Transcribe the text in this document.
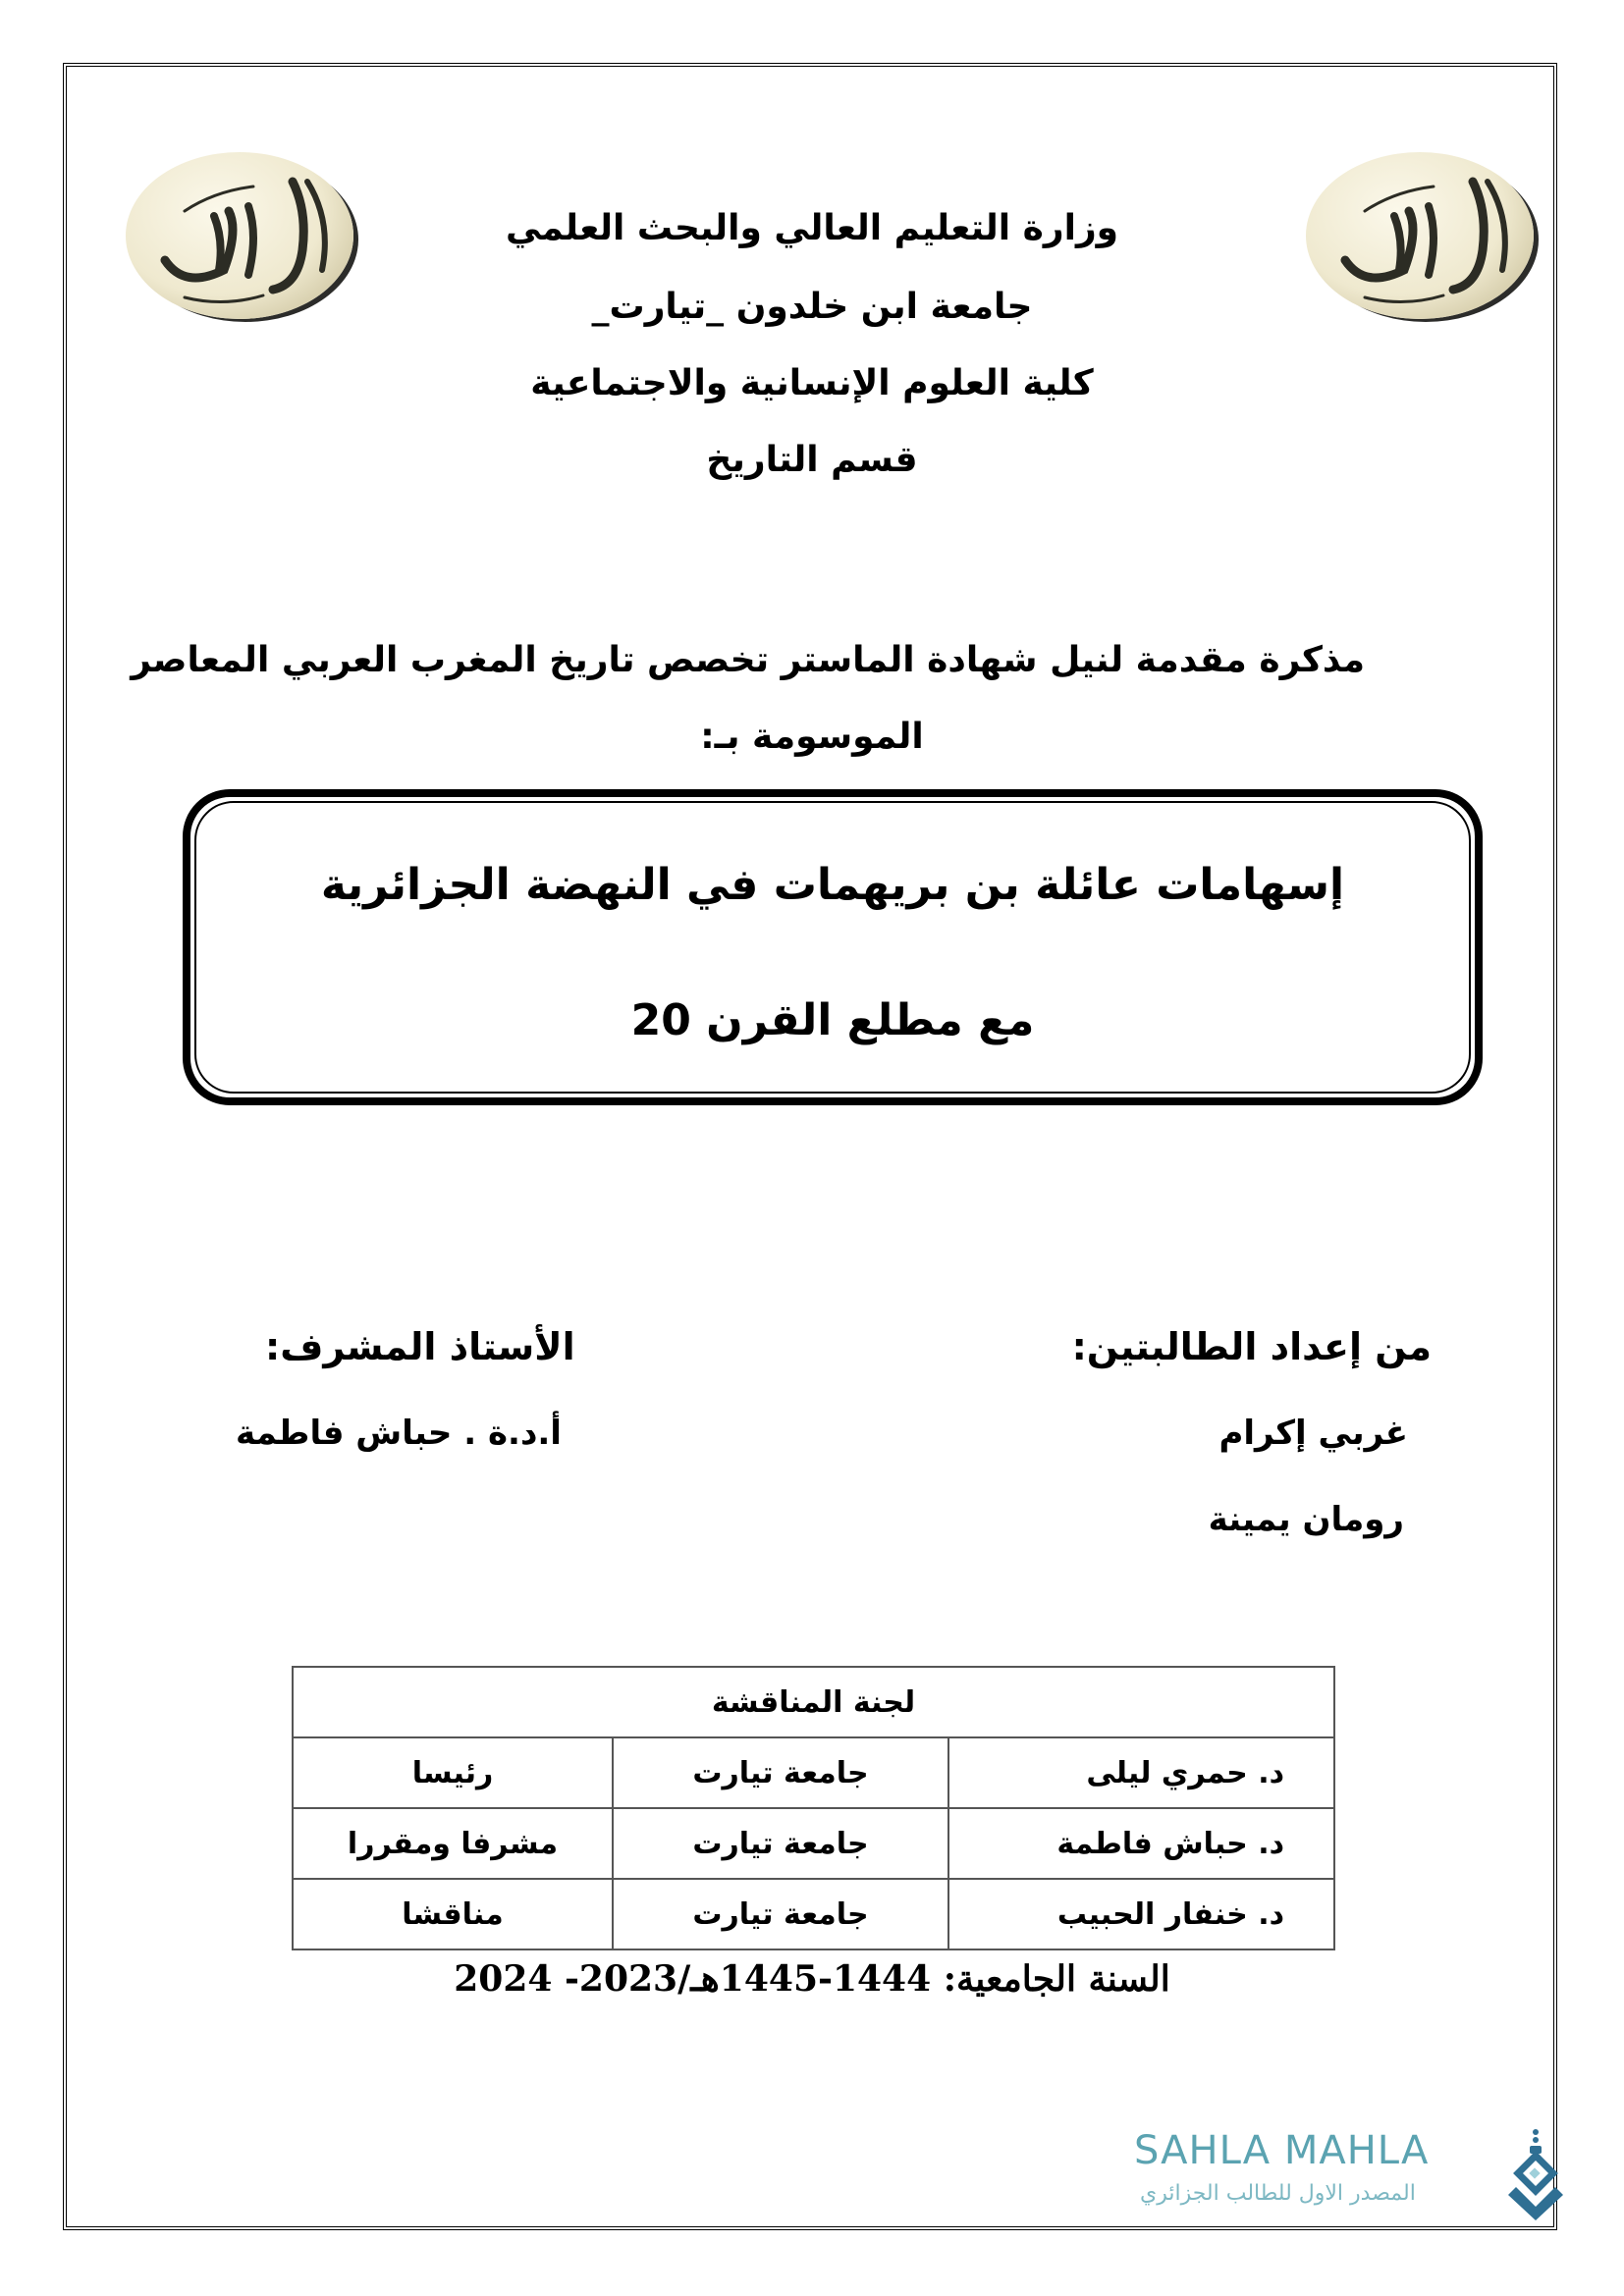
وزارة التعليم العالي والبحث العلمي
جامعة ابن خلدون _تيارت_
كلية العلوم الإنسانية والاجتماعية
قسم التاريخ
مذكرة مقدمة لنيل شهادة الماستر تخصص تاريخ المغرب العربي المعاصر
الموسومة بـ:
إسهامات عائلة بن بريهمات في النهضة الجزائرية
مع مطلع القرن 20
من إعداد الطالبتين:
غربي إكرام
رومان يمينة
الأستاذ المشرف:
أ.د.ة . حباش فاطمة
لجنة المناقشة		
د. حمري ليلى	جامعة تيارت	رئيسا
د. حباش فاطمة	جامعة تيارت	مشرفا ومقررا
د. خنفار الحبيب	جامعة تيارت	مناقشا
السنة الجامعية: 1444-1445هـ/2023- 2024
SAHLA MAHLA
المصدر الاول للطالب الجزائري
